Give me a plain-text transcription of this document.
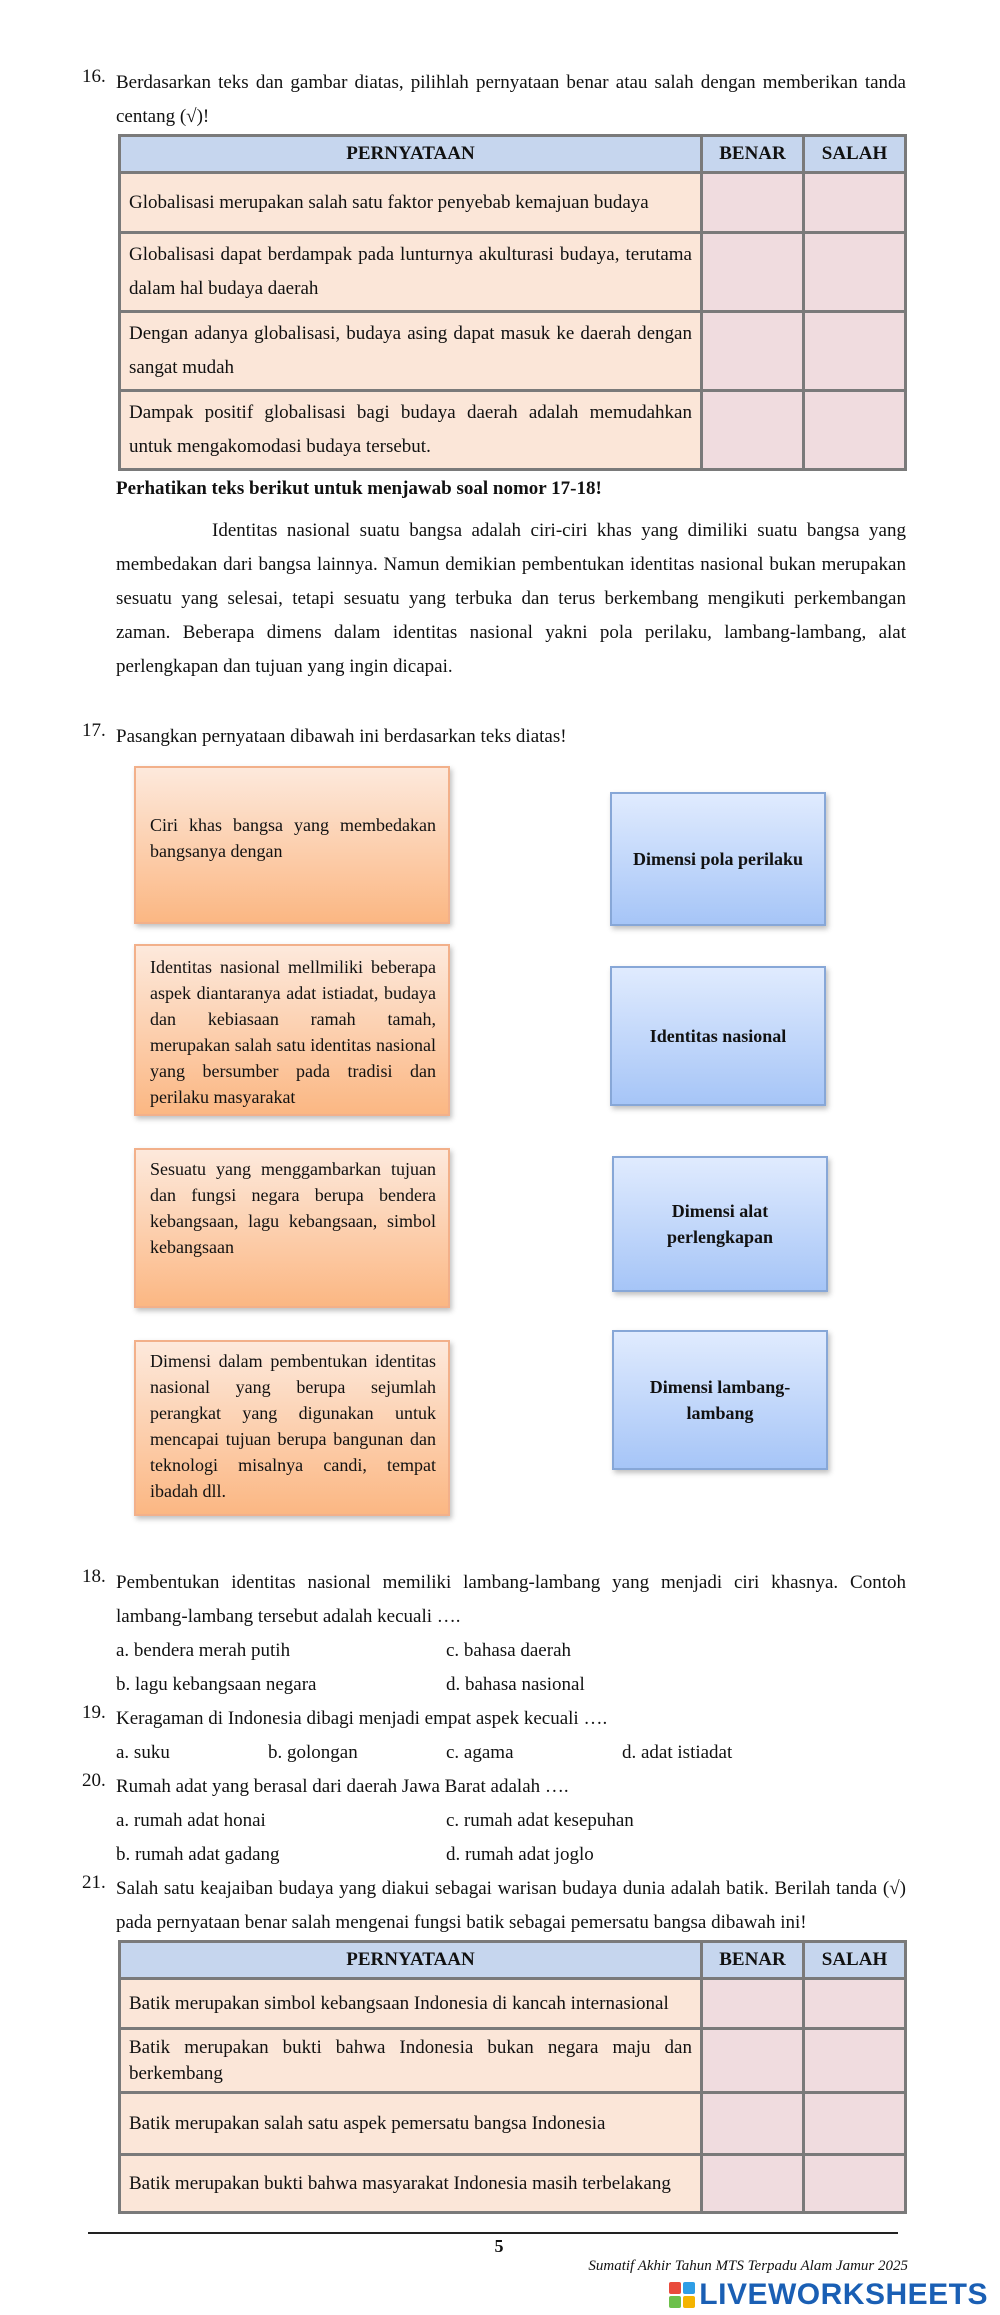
16. Berdasarkan teks dan gambar diatas, pilihlah pernyataan benar atau salah dengan memberikan tanda centang (√)!
PERNYATAAN	BENAR	SALAH
Globalisasi merupakan salah satu faktor penyebab kemajuan budaya		
Globalisasi dapat berdampak pada lunturnya akulturasi budaya, terutama dalam hal budaya daerah		
Dengan adanya globalisasi, budaya asing dapat masuk ke daerah dengan sangat mudah		
Dampak positif globalisasi bagi budaya daerah adalah memudahkan untuk mengakomodasi budaya tersebut.		
Perhatikan teks berikut untuk menjawab soal nomor 17-18!
Identitas nasional suatu bangsa adalah ciri-ciri khas yang dimiliki suatu bangsa yang membedakan dari bangsa lainnya. Namun demikian pembentukan identitas nasional bukan merupakan sesuatu yang selesai, tetapi sesuatu yang terbuka dan terus berkembang mengikuti perkembangan zaman. Beberapa dimens dalam identitas nasional yakni pola perilaku, lambang-lambang, alat perlengkapan dan tujuan yang ingin dicapai.
17. Pasangkan pernyataan dibawah ini berdasarkan teks diatas!
Ciri khas bangsa yang membedakan bangsanya dengan
Identitas nasional mellmiliki beberapa aspek diantaranya adat istiadat, budaya dan kebiasaan ramah tamah, merupakan salah satu identitas nasional yang bersumber pada tradisi dan perilaku masyarakat
Sesuatu yang menggambarkan tujuan dan fungsi negara berupa bendera kebangsaan, lagu kebangsaan, simbol kebangsaan
Dimensi dalam pembentukan identitas nasional yang berupa sejumlah perangkat yang digunakan untuk mencapai tujuan berupa bangunan dan teknologi misalnya candi, tempat ibadah dll.
Dimensi pola perilaku
Identitas nasional
Dimensi alat perlengkapan
Dimensi lambang-lambang
18. Pembentukan identitas nasional memiliki lambang-lambang yang menjadi ciri khasnya. Contoh lambang-lambang tersebut adalah kecuali ….
a. bendera merah putih
b. lagu kebangsaan negara
c. bahasa daerah
d. bahasa nasional
19. Keragaman di Indonesia dibagi menjadi empat aspek kecuali ….
a. suku	b. golongan	c. agama	d. adat istiadat
20. Rumah adat yang berasal dari daerah Jawa Barat adalah ….
a. rumah adat honai
b. rumah adat gadang
c. rumah adat kesepuhan
d. rumah adat joglo
21. Salah satu keajaiban budaya yang diakui sebagai warisan budaya dunia adalah batik. Berilah tanda (√) pada pernyataan benar salah mengenai fungsi batik sebagai pemersatu bangsa dibawah ini!
PERNYATAAN	BENAR	SALAH
Batik merupakan simbol kebangsaan Indonesia di kancah internasional		
Batik merupakan bukti bahwa Indonesia bukan negara maju dan berkembang		
Batik merupakan salah satu aspek pemersatu bangsa Indonesia		
Batik merupakan bukti bahwa masyarakat Indonesia masih terbelakang		
5
Sumatif Akhir Tahun MTS Terpadu Alam Jamur 2025
LIVEWORKSHEETS
